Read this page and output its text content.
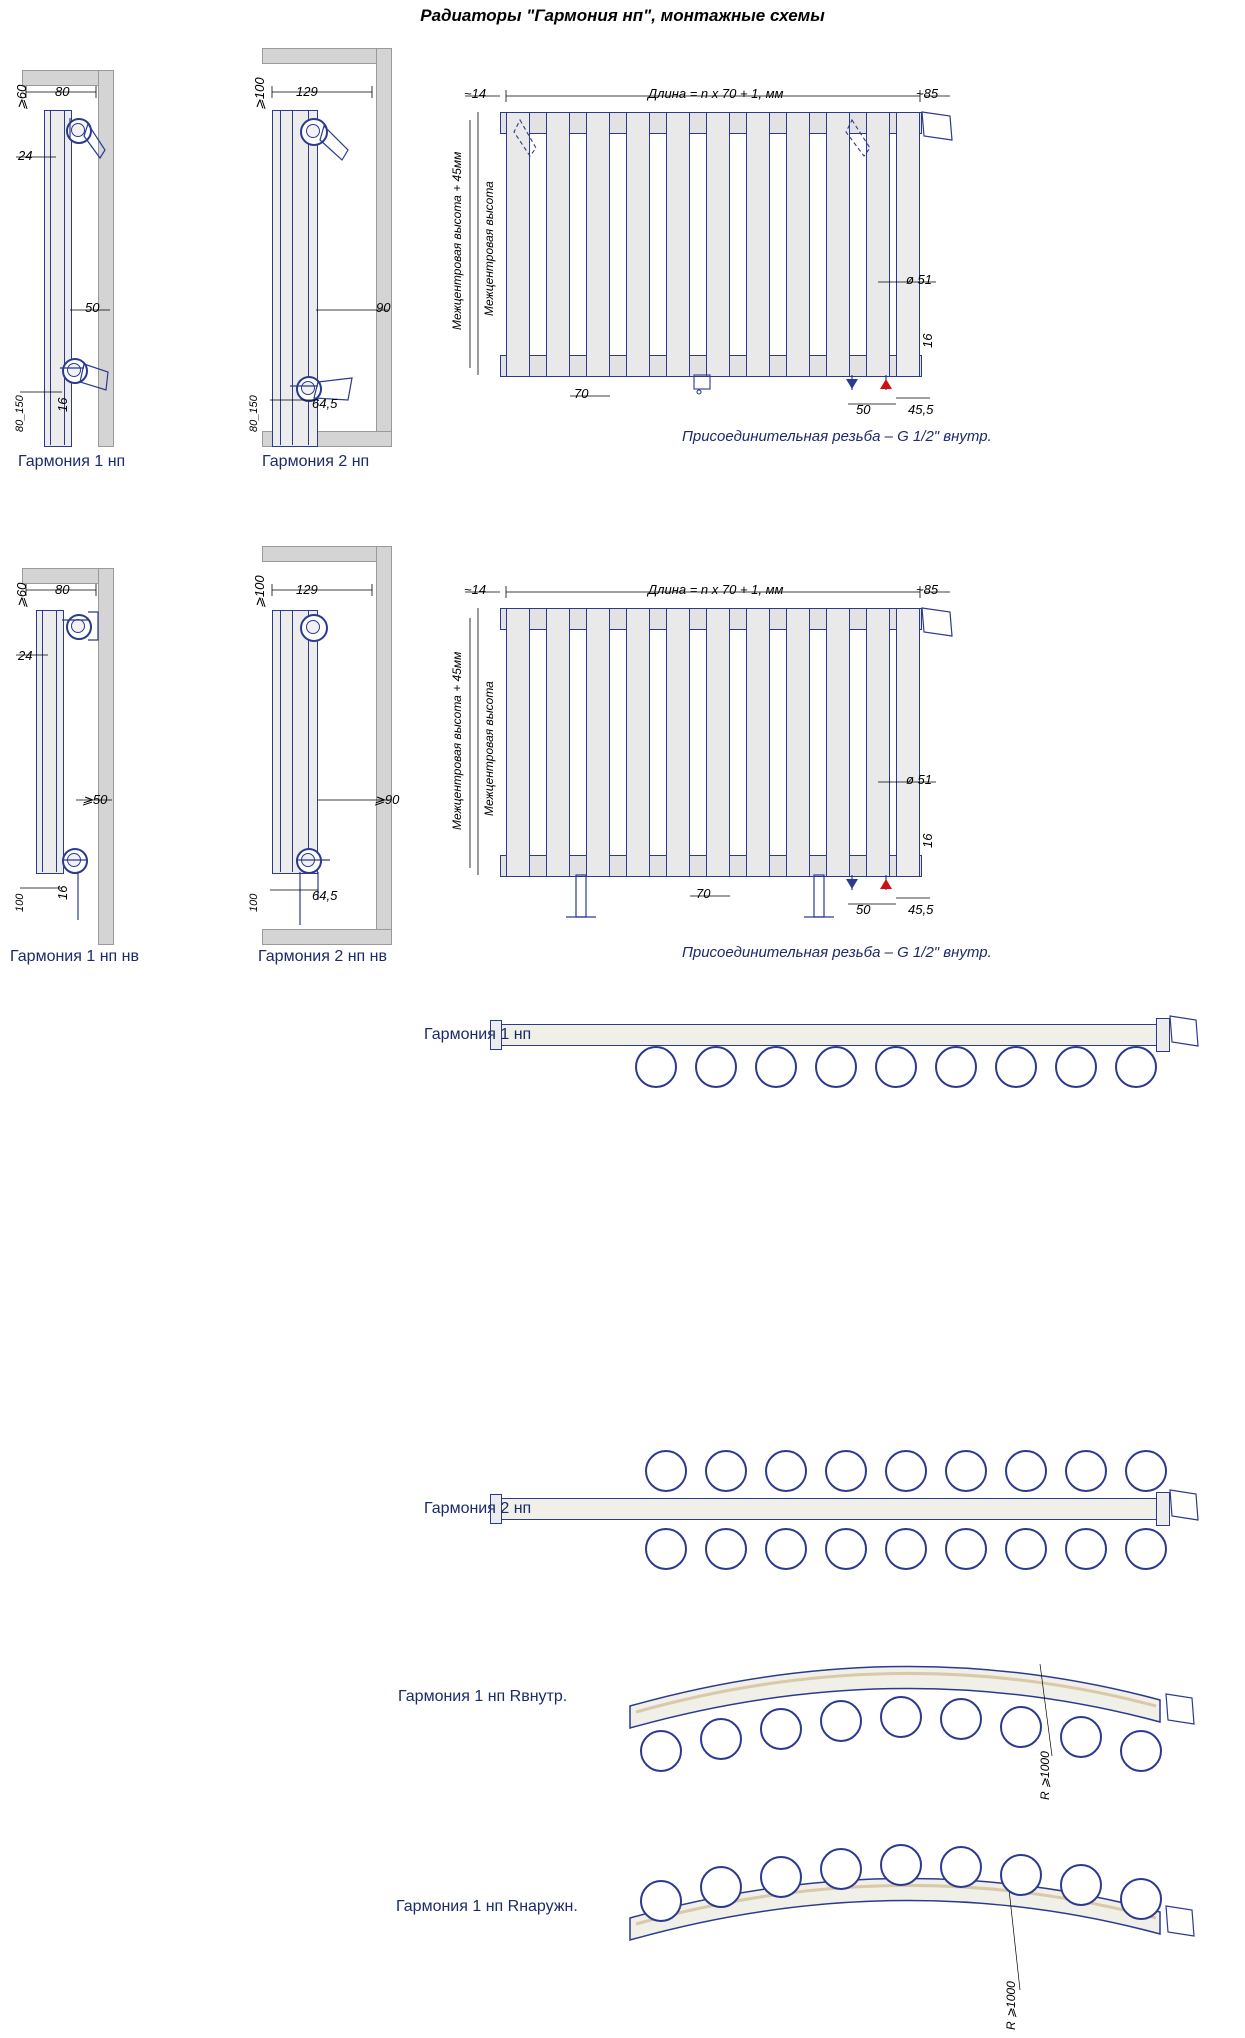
Радиаторы "Гармония нп", монтажные схемы
⩾60 80
24
50
16
80_150
Гармония 1 нп
⩾100 129
90
64,5
80_150
Гармония 2 нп
~14	Длина = n x 70 + 1, мм	~85
ø 51
16
70
50	45,5
Межцентровая высота + 45мм Межцентровая высота
Присоединительная резьба – G 1/2" внутр.
⩾60 80
24
⩾50
16
100
Гармония 1 нп нв
⩾100 129
⩾90
64,5
100
Гармония 2 нп нв
~14	Длина = n x 70 + 1, мм	~85
ø 51
16
70
50	45,5
Межцентровая высота + 45мм Межцентровая высота
Присоединительная резьба – G 1/2" внутр.
Гармония 1 нп
Гармония 2 нп
R ⩾1000
Гармония 1 нп Rвнутр.
R ⩾1000
Гармония 1 нп Rнаружн.
